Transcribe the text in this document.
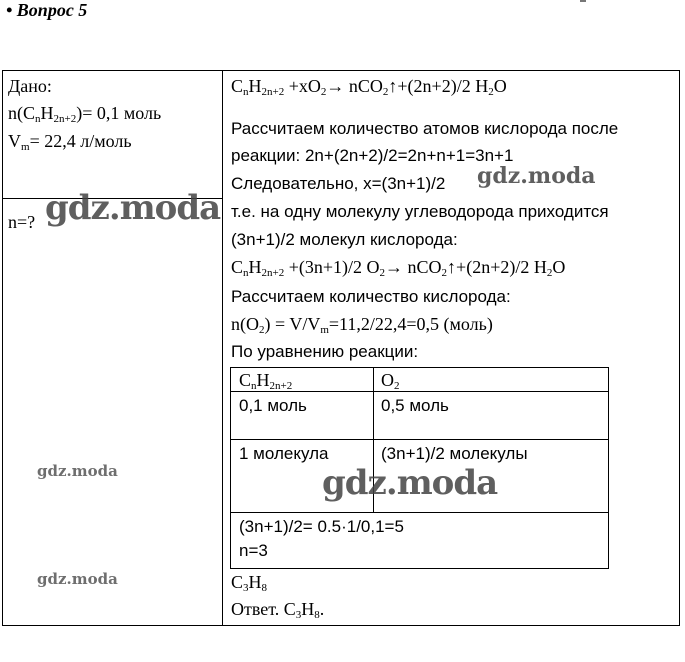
• Вопрос 5
Дано:
$n(C_nH_{2n+2})= 0,1$ моль
$V_m= 22,4$ л/моль
n=?
$C_nH_{2n+2} +xO_2\to$ nCO$_2$↑+(2n+2)/2 $H_2O$
Рассчитаем количество атомов кислорода после
реакции: 2n+(2n+2)/2=2n+n+1=3n+1
Следовательно, x=(3n+1)/2
т.е. на одну молекулу углеводорода приходится
(3n+1)/2 молекул кислорода:
$C_nH_{2n+2} +(3n+1)/2$ $O_2\to$ nCO$_2$↑+(2n+2)/2 $H_2O$
Рассчитаем количество кислорода:
$n(O_2) = V/V_m=11,2/22,4=0,5$ (моль)
По уравнению реакции:
$C_nH_{2n+2}$	$O_2$
0,1 моль	0,5 моль
1 молекула	(3n+1)/2 молекулы
(3n+1)/2= 0.5·1/0,1=5
n=3
$C_3H_8$
Ответ. $C_3H_8$.
gdz.moda
gdz.moda
gdz.moda	gdz.moda
gdz.moda
